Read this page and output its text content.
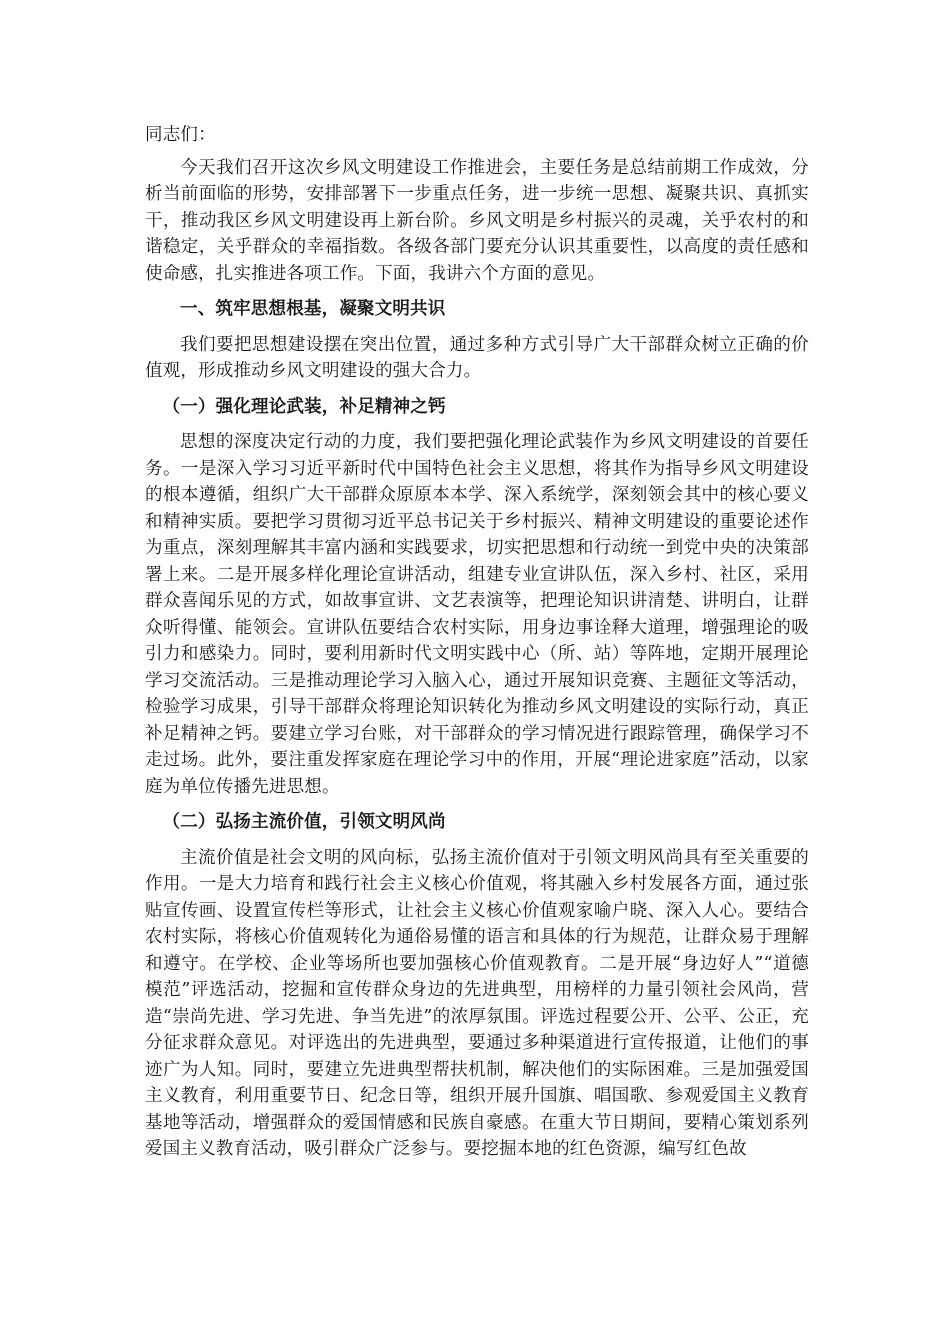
同志们：

今天我们召开这次乡风文明建设工作推进会，主要任务是总结前期工作成效，分析当前面临的形势，安排部署下一步重点任务，进一步统一思想、凝聚共识、真抓实干，推动我区乡风文明建设再上新台阶。乡风文明是乡村振兴的灵魂，关乎农村的和谐稳定，关乎群众的幸福指数。各级各部门要充分认识其重要性，以高度的责任感和使命感，扎实推进各项工作。下面，我讲六个方面的意见。

一、筑牢思想根基，凝聚文明共识

我们要把思想建设摆在突出位置，通过多种方式引导广大干部群众树立正确的价值观，形成推动乡风文明建设的强大合力。

（一）强化理论武装，补足精神之钙

思想的深度决定行动的力度，我们要把强化理论武装作为乡风文明建设的首要任务。一是深入学习习近平新时代中国特色社会主义思想，将其作为指导乡风文明建设的根本遵循，组织广大干部群众原原本本学、深入系统学，深刻领会其中的核心要义和精神实质。要把学习贯彻习近平总书记关于乡村振兴、精神文明建设的重要论述作为重点，深刻理解其丰富内涵和实践要求，切实把思想和行动统一到党中央的决策部署上来。二是开展多样化理论宣讲活动，组建专业宣讲队伍，深入乡村、社区，采用群众喜闻乐见的方式，如故事宣讲、文艺表演等，把理论知识讲清楚、讲明白，让群众听得懂、能领会。宣讲队伍要结合农村实际，用身边事诠释大道理，增强理论的吸引力和感染力。同时，要利用新时代文明实践中心（所、站）等阵地，定期开展理论学习交流活动。三是推动理论学习入脑入心，通过开展知识竞赛、主题征文等活动，检验学习成果，引导干部群众将理论知识转化为推动乡风文明建设的实际行动，真正补足精神之钙。要建立学习台账，对干部群众的学习情况进行跟踪管理，确保学习不走过场。此外，要注重发挥家庭在理论学习中的作用，开展“理论进家庭”活动，以家庭为单位传播先进思想。

（二）弘扬主流价值，引领文明风尚

主流价值是社会文明的风向标，弘扬主流价值对于引领文明风尚具有至关重要的作用。一是大力培育和践行社会主义核心价值观，将其融入乡村发展各方面，通过张贴宣传画、设置宣传栏等形式，让社会主义核心价值观家喻户晓、深入人心。要结合农村实际，将核心价值观转化为通俗易懂的语言和具体的行为规范，让群众易于理解和遵守。在学校、企业等场所也要加强核心价值观教育。二是开展“身边好人”“道德模范”评选活动，挖掘和宣传群众身边的先进典型，用榜样的力量引领社会风尚，营造“崇尚先进、学习先进、争当先进”的浓厚氛围。评选过程要公开、公平、公正，充分征求群众意见。对评选出的先进典型，要通过多种渠道进行宣传报道，让他们的事迹广为人知。同时，要建立先进典型帮扶机制，解决他们的实际困难。三是加强爱国主义教育，利用重要节日、纪念日等，组织开展升国旗、唱国歌、参观爱国主义教育基地等活动，增强群众的爱国情感和民族自豪感。在重大节日期间，要精心策划系列爱国主义教育活动，吸引群众广泛参与。要挖掘本地的红色资源，编写红色故
